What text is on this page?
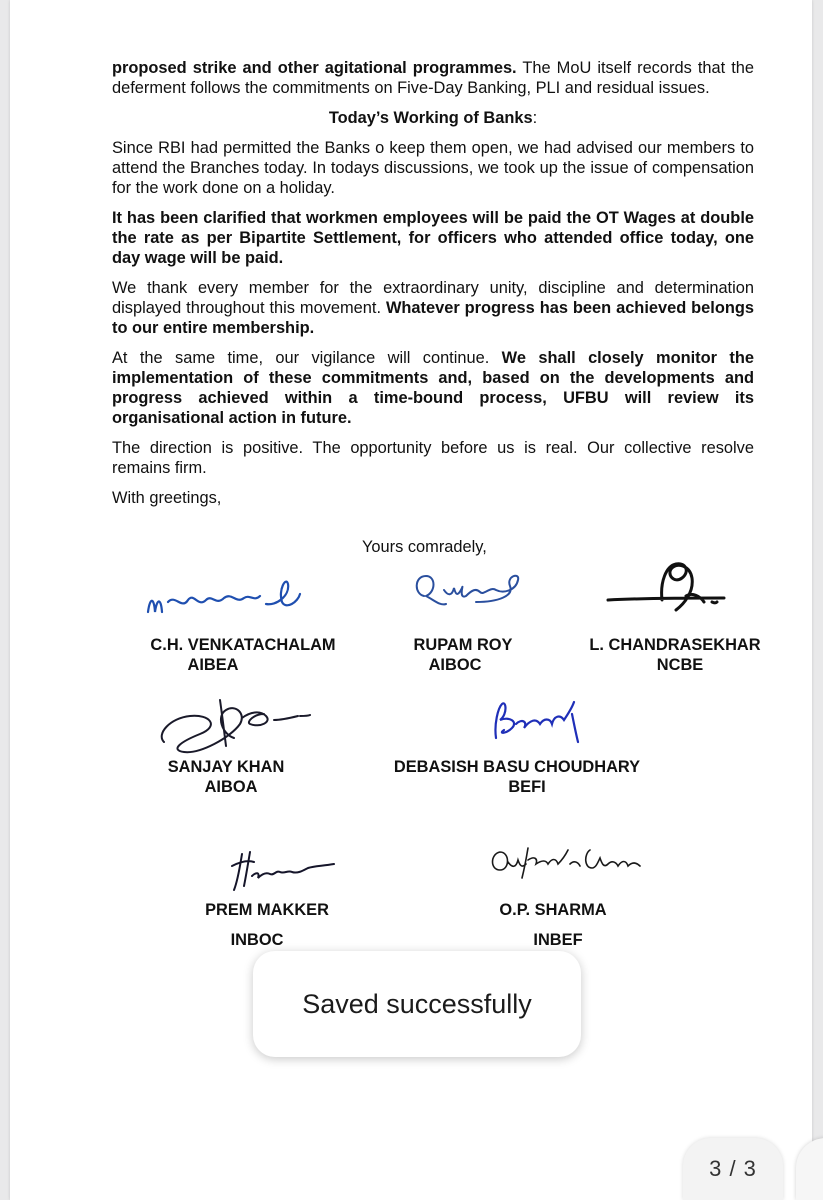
proposed strike and other agitational programmes. The MoU itself records that the deferment follows the commitments on Five-Day Banking, PLI and residual issues.

Today’s Working of Banks:

Since RBI had permitted the Banks o keep them open, we had advised our members to attend the Branches today. In todays discussions, we took up the issue of compensation for the work done on a holiday.

It has been clarified that workmen employees will be paid the OT Wages at double the rate as per Bipartite Settlement, for officers who attended office today, one day wage will be paid.

We thank every member for the extraordinary unity, discipline and determination displayed throughout this movement. Whatever progress has been achieved belongs to our entire membership.

At the same time, our vigilance will continue. We shall closely monitor the implementation of these commitments and, based on the developments and progress achieved within a time-bound process, UFBU will review its organisational action in future.

The direction is positive. The opportunity before us is real. Our collective resolve remains firm.

With greetings,

Yours comradely,
C.H. VENKATACHALAM
AIBEA
RUPAM ROY
AIBOC
L. CHANDRASEKHAR
NCBE
SANJAY KHAN
AIBOA
DEBASISH BASU CHOUDHARY
BEFI
PREM MAKKER
INBOC
O.P. SHARMA
INBEF
Saved successfully
3 / 3
